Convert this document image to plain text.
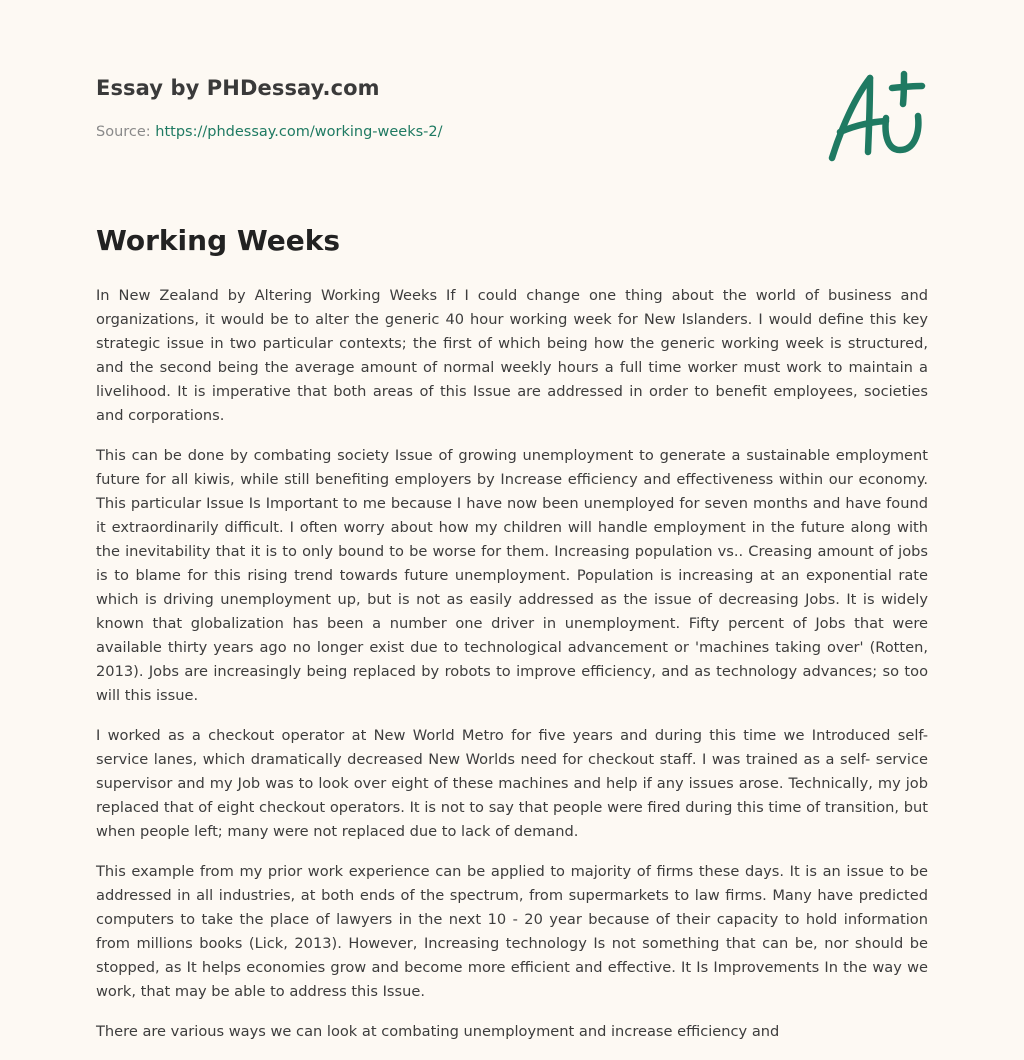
Essay by PHDessay.com
Source: https://phdessay.com/working-weeks-2/
Working Weeks

In New Zealand by Altering Working Weeks If I could change one thing about the world of business and organizations, it would be to alter the generic 40 hour working week for New Islanders. I would define this key strategic issue in two particular contexts; the first of which being how the generic working week is structured, and the second being the average amount of normal weekly hours a full time worker must work to maintain a livelihood. It is imperative that both areas of this Issue are addressed in order to benefit employees, societies and corporations.

This can be done by combating society Issue of growing unemployment to generate a sustainable employment future for all kiwis, while still benefiting employers by Increase efficiency and effectiveness within our economy. This particular Issue Is Important to me because I have now been unemployed for seven months and have found it extraordinarily difficult. I often worry about how my children will handle employment in the future along with the inevitability that it is to only bound to be worse for them. Increasing population vs.. Creasing amount of jobs is to blame for this rising trend towards future unemployment. Population is increasing at an exponential rate which is driving unemployment up, but is not as easily addressed as the issue of decreasing Jobs. It is widely known that globalization has been a number one driver in unemployment. Fifty percent of Jobs that were available thirty years ago no longer exist due to technological advancement or 'machines taking over' (Rotten, 2013). Jobs are increasingly being replaced by robots to improve efficiency, and as technology advances; so too will this issue.

I worked as a checkout operator at New World Metro for five years and during this time we Introduced self-service lanes, which dramatically decreased New Worlds need for checkout staff. I was trained as a self- service supervisor and my Job was to look over eight of these machines and help if any issues arose. Technically, my job replaced that of eight checkout operators. It is not to say that people were fired during this time of transition, but when people left; many were not replaced due to lack of demand.

This example from my prior work experience can be applied to majority of firms these days. It is an issue to be addressed in all industries, at both ends of the spectrum, from supermarkets to law firms. Many have predicted computers to take the place of lawyers in the next 10 - 20 year because of their capacity to hold information from millions books (Lick, 2013). However, Increasing technology Is not something that can be, nor should be stopped, as It helps economies grow and become more efficient and effective. It Is Improvements In the way we work, that may be able to address this Issue.

There are various ways we can look at combating unemployment and increase efficiency and
